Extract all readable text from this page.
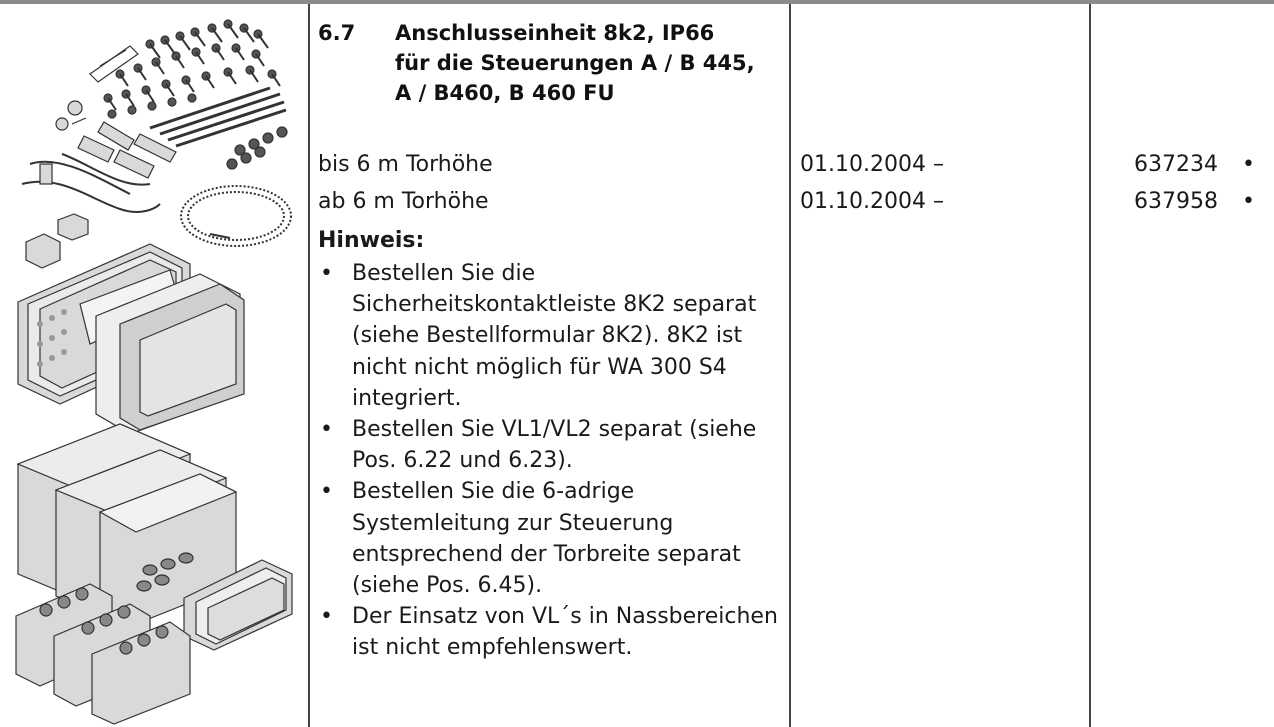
6.7 Anschlusseinheit 8k2, IP66
für die Steuerungen A / B 445,
A / B460, B 460 FU
bis 6 m Torhöhe
ab 6 m Torhöhe
01.10.2004 –
01.10.2004 –
637234
637958
•
•
Hinweis:
• Bestellen Sie die
Sicherheitskontaktleiste 8K2 separat
(siehe Bestellformular 8K2). 8K2 ist
nicht nicht möglich für WA 300 S4
integriert.
• Bestellen Sie VL1/VL2 separat (siehe
Pos. 6.22 und 6.23).
• Bestellen Sie die 6-adrige
Systemleitung zur Steuerung
entsprechend der Torbreite separat
(siehe Pos. 6.45).
• Der Einsatz von VL´s in Nassbereichen
ist nicht empfehlenswert.
